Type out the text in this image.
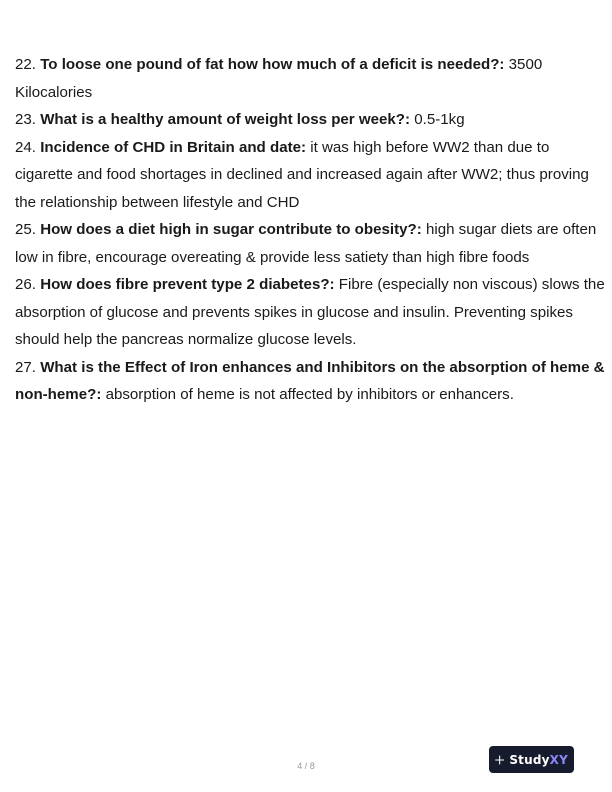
22. To loose one pound of fat how how much of a deficit is needed?: 3500 Kilocalories

23. What is a healthy amount of weight loss per week?: 0.5-1kg

24. Incidence of CHD in Britain and date: it was high before WW2 than due to cigarette and food shortages in declined and increased again after WW2; thus proving the relationship between lifestyle and CHD

25. How does a diet high in sugar contribute to obesity?: high sugar diets are often low in fibre, encourage overeating & provide less satiety than high fibre foods

26. How does fibre prevent type 2 diabetes?: Fibre (especially non viscous) slows the absorption of glucose and prevents spikes in glucose and insulin. Preventing spikes should help the pancreas normalize glucose levels.

27. What is the Effect of Iron enhances and Inhibitors on the absorption of heme & non-heme?: absorption of heme is not affected by inhibitors or enhancers.

4 / 8	StudyXY
